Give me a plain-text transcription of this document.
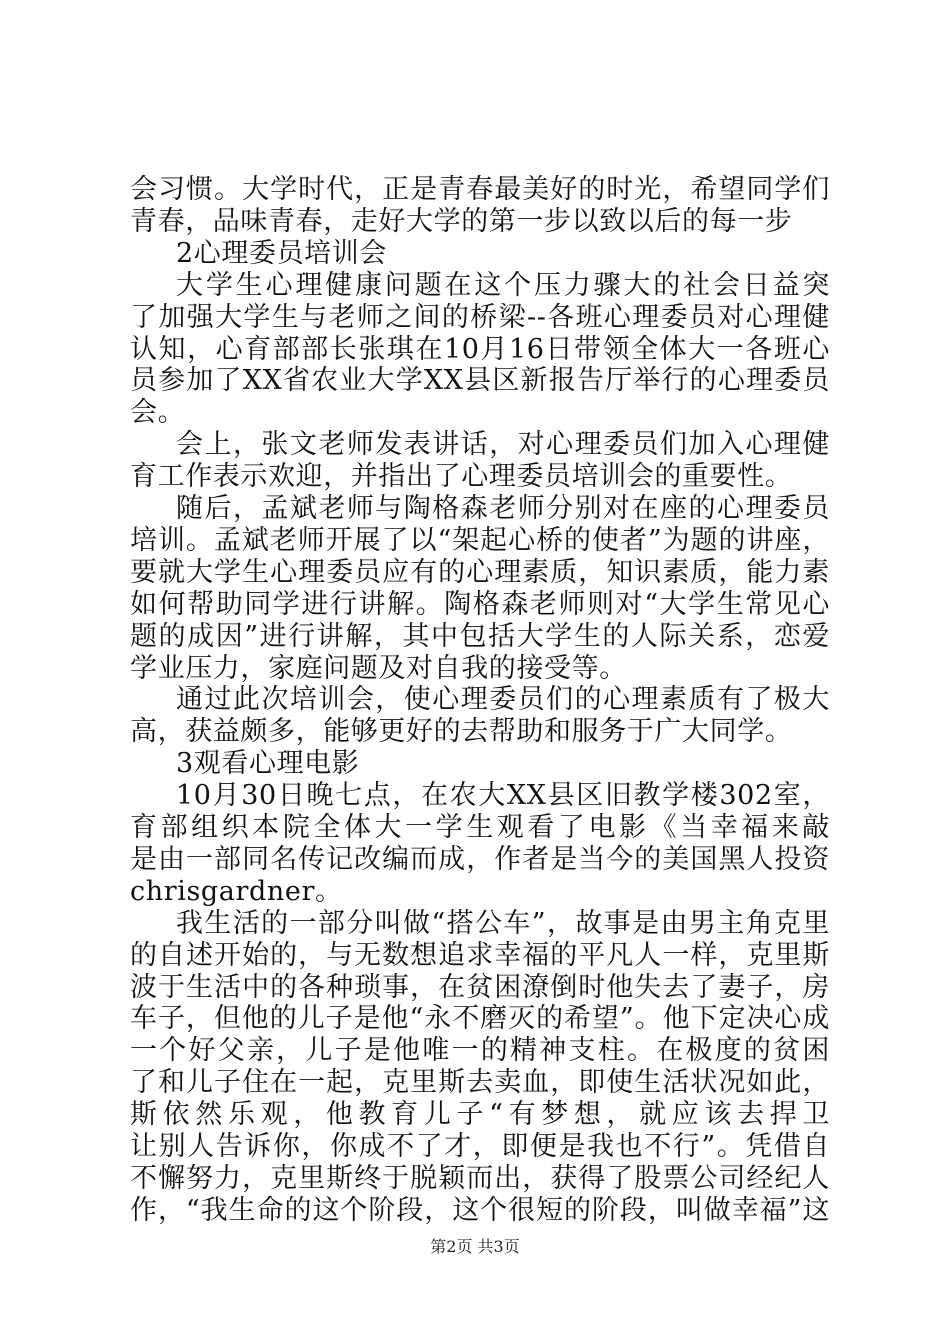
会习惯。大学时代，正是青春最美好的时光，希望同学们
青春，品味青春，走好大学的第一步以致以后的每一步
2心理委员培训会
大学生心理健康问题在这个压力骤大的社会日益突
了加强大学生与老师之间的桥梁--各班心理委员对心理健
认知，心育部部长张琪在10月16日带领全体大一各班心
员参加了XX省农业大学XX县区新报告厅举行的心理委员
会。
会上，张文老师发表讲话，对心理委员们加入心理健
育工作表示欢迎，并指出了心理委员培训会的重要性。
随后，孟斌老师与陶格森老师分别对在座的心理委员
培训。孟斌老师开展了以“架起心桥的使者”为题的讲座，
要就大学生心理委员应有的心理素质，知识素质，能力素
如何帮助同学进行讲解。陶格森老师则对“大学生常见心
题的成因”进行讲解，其中包括大学生的人际关系，恋爱
学业压力，家庭问题及对自我的接受等。
通过此次培训会，使心理委员们的心理素质有了极大
高，获益颇多，能够更好的去帮助和服务于广大同学。
3观看心理电影
10月30日晚七点，在农大XX县区旧教学楼302室，
育部组织本院全体大一学生观看了电影《当幸福来敲
是由一部同名传记改编而成，作者是当今的美国黑人投资
chrisgardner。
我生活的一部分叫做“搭公车”，故事是由男主角克里
的自述开始的，与无数想追求幸福的平凡人一样，克里斯
波于生活中的各种琐事，在贫困潦倒时他失去了妻子，房
车子，但他的儿子是他“永不磨灭的希望”。他下定决心成
一个好父亲，儿子是他唯一的精神支柱。在极度的贫困
了和儿子住在一起，克里斯去卖血，即使生活状况如此，
斯依然乐观，他教育儿子“有梦想，就应该去捍卫
让别人告诉你，你成不了才，即便是我也不行”。凭借自
不懈努力，克里斯终于脱颖而出，获得了股票公司经纪人
作，“我生命的这个阶段，这个很短的阶段，叫做幸福”这
第2页 共3页
